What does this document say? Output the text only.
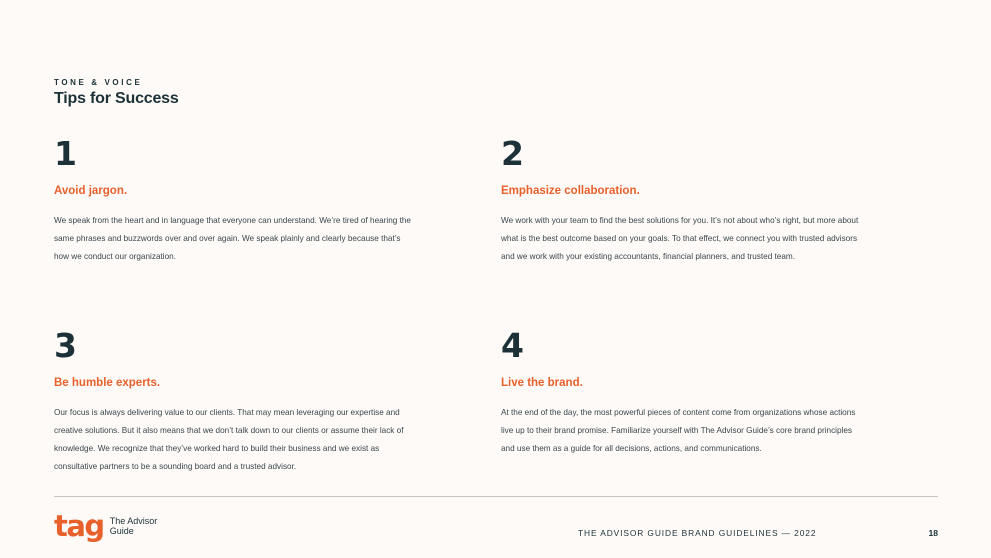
TONE & VOICE
Tips for Success
1
Avoid jargon.
We speak from the heart and in language that everyone can understand. We’re tired of hearing the same phrases and buzzwords over and over again. We speak plainly and clearly because that’s how we conduct our organization.
2
Emphasize collaboration.
We work with your team to find the best solutions for you. It’s not about who’s right, but more about what is the best outcome based on your goals. To that effect, we connect you with trusted advisors and we work with your existing accountants, financial planners, and trusted team.
3
Be humble experts.
Our focus is always delivering value to our clients. That may mean leveraging our expertise and creative solutions. But it also means that we don’t talk down to our clients or assume their lack of knowledge. We recognize that they’ve worked hard to build their business and we exist as consultative partners to be a sounding board and a trusted advisor.
4
Live the brand.
At the end of the day, the most powerful pieces of content come from organizations whose actions live up to their brand promise. Familiarize yourself with The Advisor Guide’s core brand principles and use them as a guide for all decisions, actions, and communications.
tag The Advisor
Guide	THE ADVISOR GUIDE BRAND GUIDELINES — 2022	18
